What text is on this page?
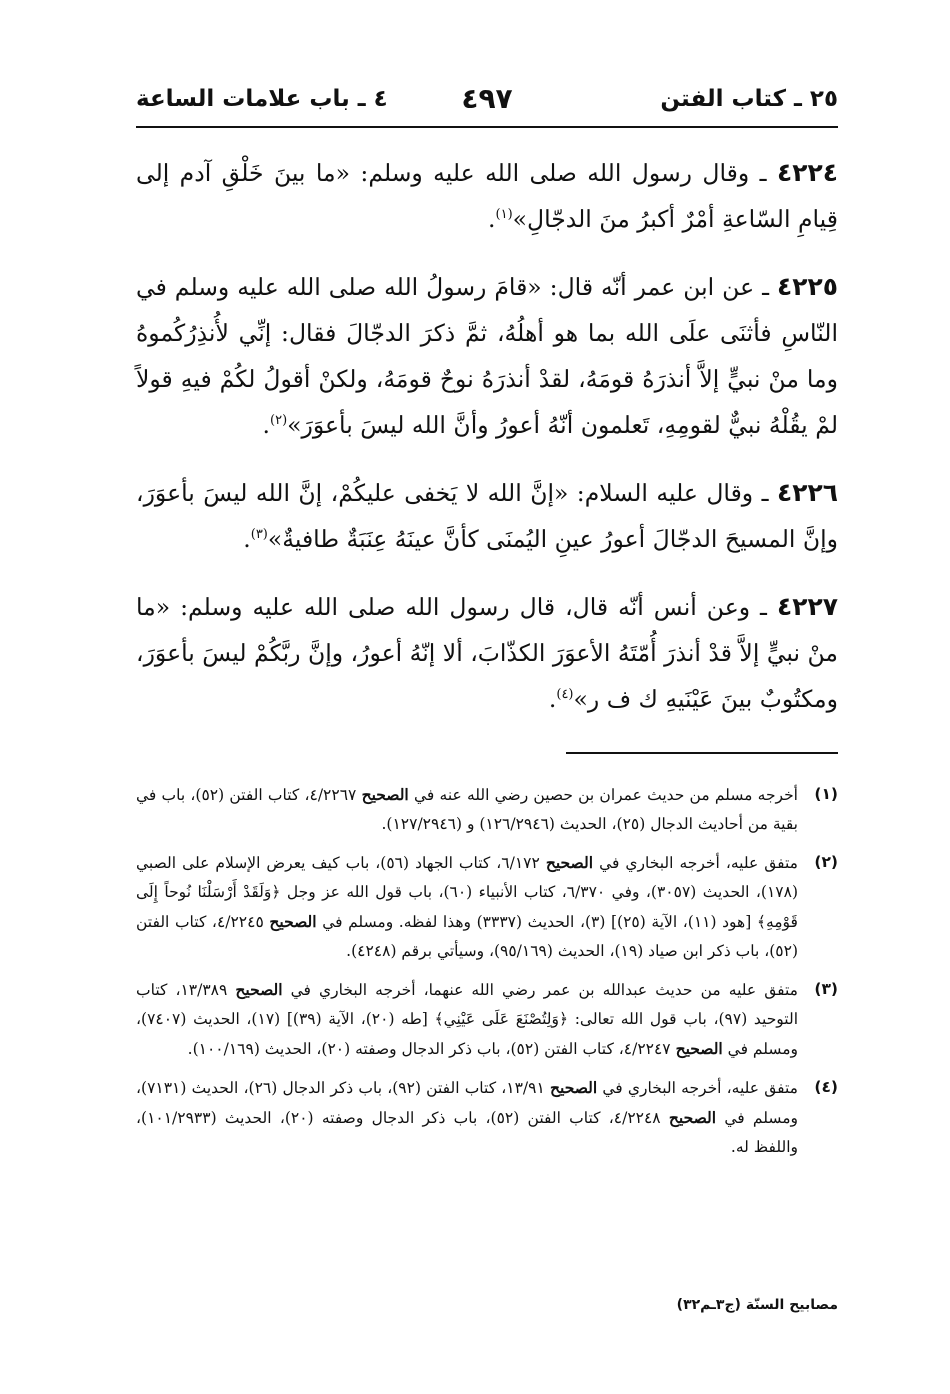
٢٥ ـ كتاب الفتن
٤٩٧
٤ ـ باب علامات الساعة

٤٢٢٤ ـ وقال رسول الله صلى الله عليه وسلم: «ما بينَ خَلْقِ آدم إلى قِيامِ السّاعةِ أمْرٌ أكبرُ منَ الدجّالِ»$^{(١)}$.

٤٢٢٥ ـ عن ابن عمر أنّه قال: «قامَ رسولُ الله صلى الله عليه وسلم في النّاسِ فأثنَى علَى الله بما هو أهلُهُ، ثمَّ ذكرَ الدجّالَ فقال: إنِّي لأُنذِرُكُموهُ وما منْ نبيٍّ إلاَّ أنذرَهُ قومَهُ، لقدْ أنذرَهُ نوحٌ قومَهُ، ولكنْ أقولُ لكُمْ فيهِ قولاً لمْ يقُلْهُ نبيٌّ لقومِهِ، تَعلمون أنّهُ أعورُ وأنَّ الله ليسَ بأعوَرَ»$^{(٢)}$.

٤٢٢٦ ـ وقال عليه السلام: «إنَّ الله لا يَخفى عليكُمْ، إنَّ الله ليسَ بأعوَرَ، وإنَّ المسيحَ الدجّالَ أعورُ عينِ اليُمنَى كأنَّ عينَهُ عِنَبَةٌ طافيةٌ»$^{(٣)}$.

٤٢٢٧ ـ وعن أنس أنّه قال، قال رسول الله صلى الله عليه وسلم: «ما منْ نبيٍّ إلاَّ قدْ أنذرَ أُمّتَهُ الأعوَرَ الكذّابَ، ألا إنّهُ أعورُ، وإنَّ ربَّكُمْ ليسَ بأعوَرَ، ومكتُوبٌ بينَ عَيْنَيهِ ك ف ر»$^{(٤)}$.

(١)
أخرجه مسلم من حديث عمران بن حصين رضي الله عنه في الصحيح ٤/٢٢٦٧، كتاب الفتن (٥٢)، باب في بقية من أحاديث الدجال (٢٥)، الحديث (١٢٦/٢٩٤٦) و (١٢٧/٢٩٤٦).

(٢)
متفق عليه، أخرجه البخاري في الصحيح ٦/١٧٢، كتاب الجهاد (٥٦)، باب كيف يعرض الإسلام على الصبي (١٧٨)، الحديث (٣٠٥٧)، وفي ٦/٣٧٠، كتاب الأنبياء (٦٠)، باب قول الله عز وجل ﴿وَلَقَدْ أَرْسَلْنَا نُوحاً إِلَى قَوْمِهِ﴾ [هود (١١)، الآية (٢٥)] (٣)، الحديث (٣٣٣٧) وهذا لفظه. ومسلم في الصحيح ٤/٢٢٤٥، كتاب الفتن (٥٢)، باب ذكر ابن صياد (١٩)، الحديث (٩٥/١٦٩)، وسيأتي برقم (٤٢٤٨).

(٣)
متفق عليه من حديث عبدالله بن عمر رضي الله عنهما، أخرجه البخاري في الصحيح ١٣/٣٨٩، كتاب التوحيد (٩٧)، باب قول الله تعالى: ﴿وَلِتُصْنَعَ عَلَى عَيْنِي﴾ [طه (٢٠)، الآية (٣٩)] (١٧)، الحديث (٧٤٠٧)، ومسلم في الصحيح ٤/٢٢٤٧، كتاب الفتن (٥٢)، باب ذكر الدجال وصفته (٢٠)، الحديث (١٠٠/١٦٩).

(٤)
متفق عليه، أخرجه البخاري في الصحيح ١٣/٩١، كتاب الفتن (٩٢)، باب ذكر الدجال (٢٦)، الحديث (٧١٣١)، ومسلم في الصحيح ٤/٢٢٤٨، كتاب الفتن (٥٢)، باب ذكر الدجال وصفته (٢٠)، الحديث (١٠١/٢٩٣٣)، واللفظ له.

مصابيح السنّة (ج٣ـم٣٢)
